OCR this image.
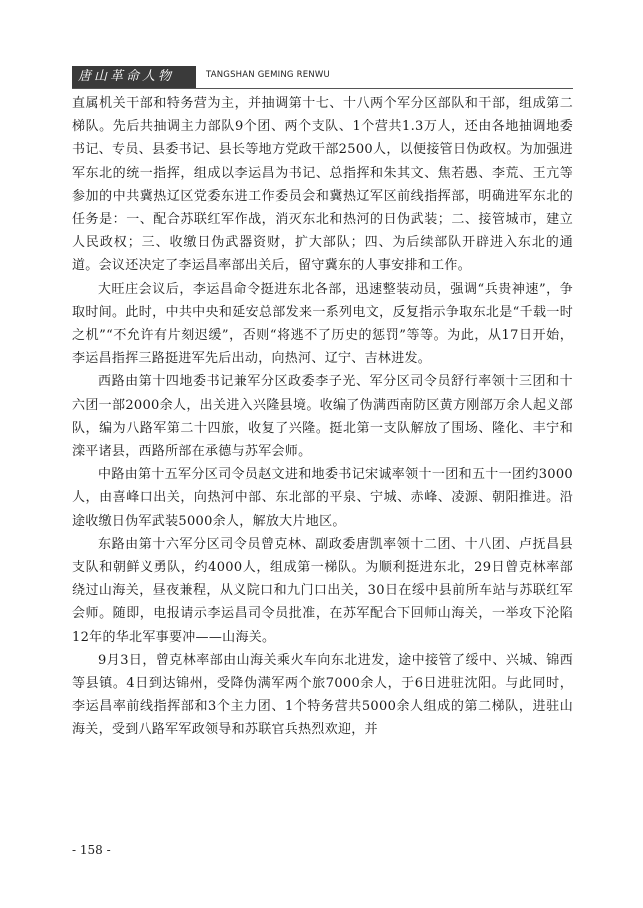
唐山革命人物	TANGSHAN GEMING RENWU

直属机关干部和特务营为主，并抽调第十七、十八两个军分区部队和干部，组成第二梯队。先后共抽调主力部队9个团、两个支队、1个营共1.3万人，还由各地抽调地委书记、专员、县委书记、县长等地方党政干部2500人，以便接管日伪政权。为加强进军东北的统一指挥，组成以李运昌为书记、总指挥和朱其文、焦若愚、李荒、王亢等参加的中共冀热辽区党委东进工作委员会和冀热辽军区前线指挥部，明确进军东北的任务是：一、配合苏联红军作战，消灭东北和热河的日伪武装；二、接管城市，建立人民政权；三、收缴日伪武器资财，扩大部队；四、为后续部队开辟进入东北的通道。会议还决定了李运昌率部出关后，留守冀东的人事安排和工作。

大旺庄会议后，李运昌命令挺进东北各部，迅速整装动员，强调“兵贵神速”，争取时间。此时，中共中央和延安总部发来一系列电文，反复指示争取东北是“千载一时之机”“不允许有片刻迟缓”，否则“将逃不了历史的惩罚”等等。为此，从17日开始，李运昌指挥三路挺进军先后出动，向热河、辽宁、吉林进发。

西路由第十四地委书记兼军分区政委李子光、军分区司令员舒行率领十三团和十六团一部2000余人，出关进入兴隆县境。收编了伪满西南防区黄方刚部万余人起义部队，编为八路军第二十四旅，收复了兴隆。挺北第一支队解放了围场、隆化、丰宁和滦平诸县，西路所部在承德与苏军会师。

中路由第十五军分区司令员赵文进和地委书记宋诚率领十一团和五十一团约3000人，由喜峰口出关，向热河中部、东北部的平泉、宁城、赤峰、凌源、朝阳推进。沿途收缴日伪军武装5000余人，解放大片地区。

东路由第十六军分区司令员曾克林、副政委唐凯率领十二团、十八团、卢抚昌县支队和朝鲜义勇队，约4000人，组成第一梯队。为顺利挺进东北，29日曾克林率部绕过山海关，昼夜兼程，从义院口和九门口出关，30日在绥中县前所车站与苏联红军会师。随即，电报请示李运昌司令员批准，在苏军配合下回师山海关，一举攻下沦陷12年的华北军事要冲——山海关。

9月3日，曾克林率部由山海关乘火车向东北进发，途中接管了绥中、兴城、锦西等县镇。4日到达锦州，受降伪满军两个旅7000余人，于6日进驻沈阳。与此同时，李运昌率前线指挥部和3个主力团、1个特务营共5000余人组成的第二梯队，进驻山海关，受到八路军军政领导和苏联官兵热烈欢迎，并

- 158 -
